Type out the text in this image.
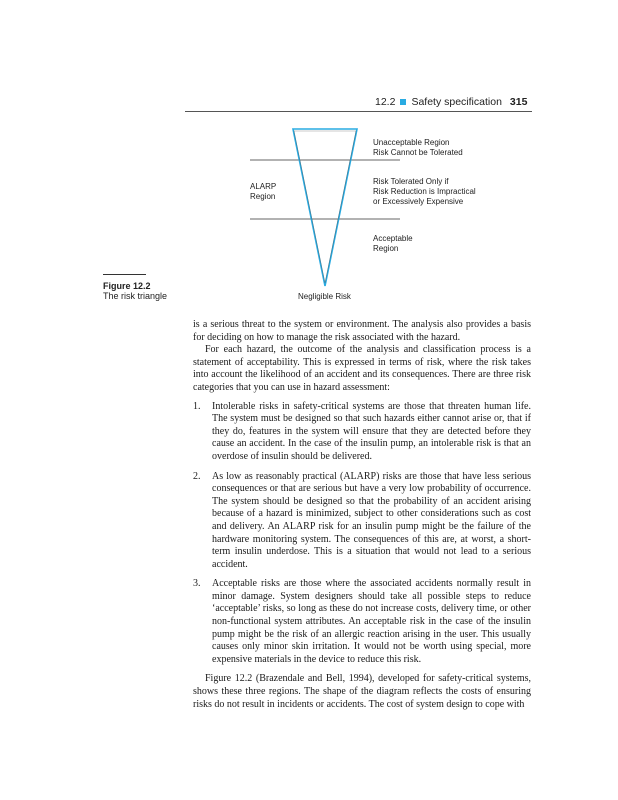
12.2 Safety specification 315
Unacceptable Region
Risk Cannot be Tolerated
ALARP
Region
Risk Tolerated Only if
Risk Reduction is Impractical
or Excessively Expensive
Acceptable
Region
Negligible Risk
Figure 12.2
The risk triangle

is a serious threat to the system or environment. The analysis also provides a basis for deciding on how to manage the risk associated with the hazard.

For each hazard, the outcome of the analysis and classification process is a statement of acceptability. This is expressed in terms of risk, where the risk takes into account the likelihood of an accident and its consequences. There are three risk categories that you can use in hazard assessment:

1. Intolerable risks in safety-critical systems are those that threaten human life. The system must be designed so that such hazards either cannot arise or, that if they do, features in the system will ensure that they are detected before they cause an accident. In the case of the insulin pump, an intolerable risk is that an overdose of insulin should be delivered.
2. As low as reasonably practical (ALARP) risks are those that have less serious consequences or that are serious but have a very low probability of occurrence. The system should be designed so that the probability of an accident arising because of a hazard is minimized, subject to other considerations such as cost and delivery. An ALARP risk for an insulin pump might be the failure of the hardware monitoring system. The consequences of this are, at worst, a short-term insulin underdose. This is a situation that would not lead to a serious accident.
3. Acceptable risks are those where the associated accidents normally result in minor damage. System designers should take all possible steps to reduce ‘acceptable’ risks, so long as these do not increase costs, delivery time, or other non-functional system attributes. An acceptable risk in the case of the insulin pump might be the risk of an allergic reaction arising in the user. This usually causes only minor skin irritation. It would not be worth using special, more expensive materials in the device to reduce this risk.

Figure 12.2 (Brazendale and Bell, 1994), developed for safety-critical systems, shows these three regions. The shape of the diagram reflects the costs of ensuring risks do not result in incidents or accidents. The cost of system design to cope with
